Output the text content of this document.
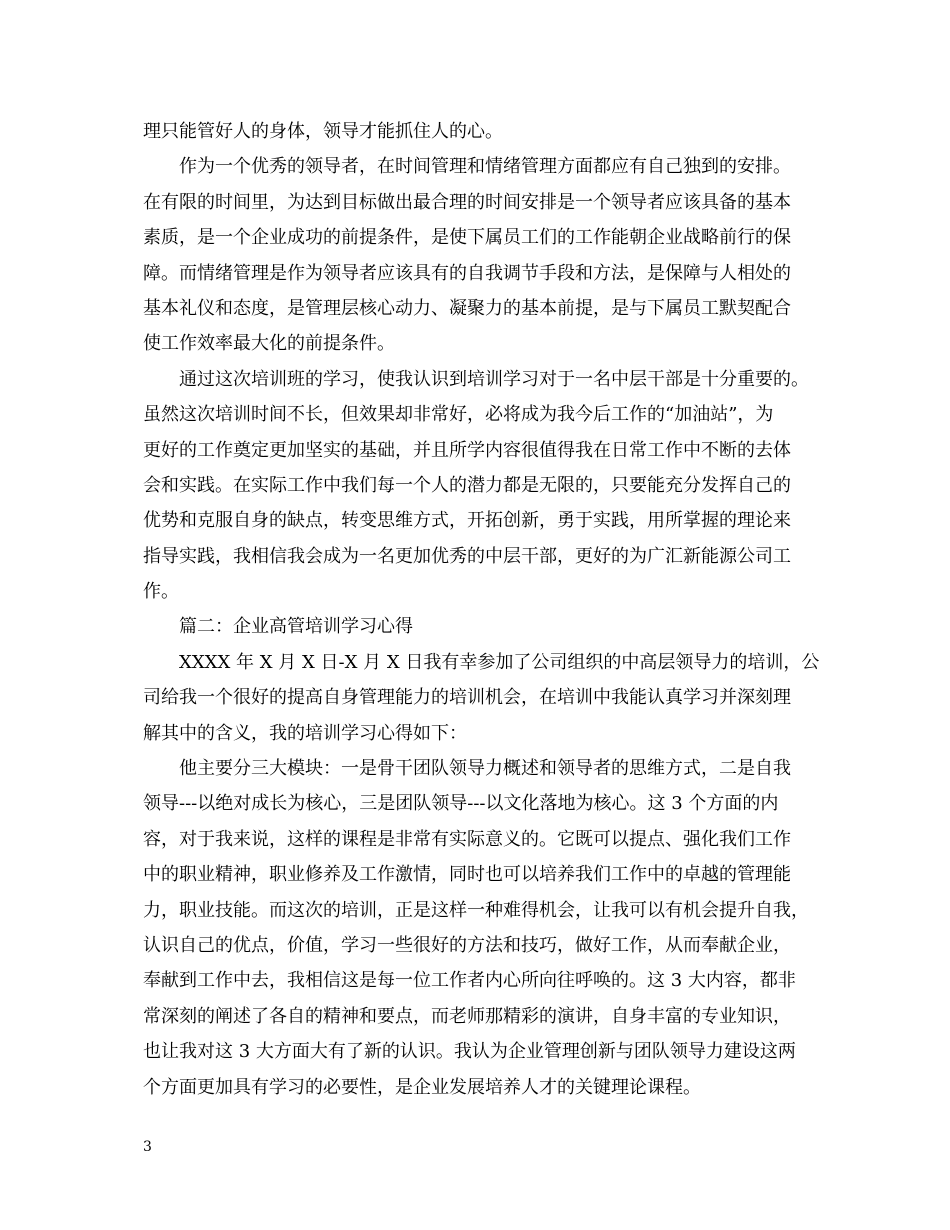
理只能管好人的身体，领导才能抓住人的心。
作为一个优秀的领导者，在时间管理和情绪管理方面都应有自己独到的安排。
在有限的时间里，为达到目标做出最合理的时间安排是一个领导者应该具备的基本
素质，是一个企业成功的前提条件，是使下属员工们的工作能朝企业战略前行的保
障。而情绪管理是作为领导者应该具有的自我调节手段和方法，是保障与人相处的
基本礼仪和态度，是管理层核心动力、凝聚力的基本前提，是与下属员工默契配合
使工作效率最大化的前提条件。
通过这次培训班的学习，使我认识到培训学习对于一名中层干部是十分重要的。
虽然这次培训时间不长，但效果却非常好，必将成为我今后工作的“加油站”，为
更好的工作奠定更加坚实的基础，并且所学内容很值得我在日常工作中不断的去体
会和实践。在实际工作中我们每一个人的潜力都是无限的，只要能充分发挥自己的
优势和克服自身的缺点，转变思维方式，开拓创新，勇于实践，用所掌握的理论来
指导实践，我相信我会成为一名更加优秀的中层干部，更好的为广汇新能源公司工
作。
篇二：企业高管培训学习心得
XXXX 年 X 月 X 日-X 月 X 日我有幸参加了公司组织的中高层领导力的培训，公
司给我一个很好的提高自身管理能力的培训机会，在培训中我能认真学习并深刻理
解其中的含义，我的培训学习心得如下：
他主要分三大模块：一是骨干团队领导力概述和领导者的思维方式，二是自我
领导---以绝对成长为核心，三是团队领导---以文化落地为核心。这 3 个方面的内
容，对于我来说，这样的课程是非常有实际意义的。它既可以提点、强化我们工作
中的职业精神，职业修养及工作激情，同时也可以培养我们工作中的卓越的管理能
力，职业技能。而这次的培训，正是这样一种难得机会，让我可以有机会提升自我，
认识自己的优点，价值，学习一些很好的方法和技巧，做好工作，从而奉献企业，
奉献到工作中去，我相信这是每一位工作者内心所向往呼唤的。这 3 大内容，都非
常深刻的阐述了各自的精神和要点，而老师那精彩的演讲，自身丰富的专业知识，
也让我对这 3 大方面大有了新的认识。我认为企业管理创新与团队领导力建设这两
个方面更加具有学习的必要性，是企业发展培养人才的关键理论课程。
3
